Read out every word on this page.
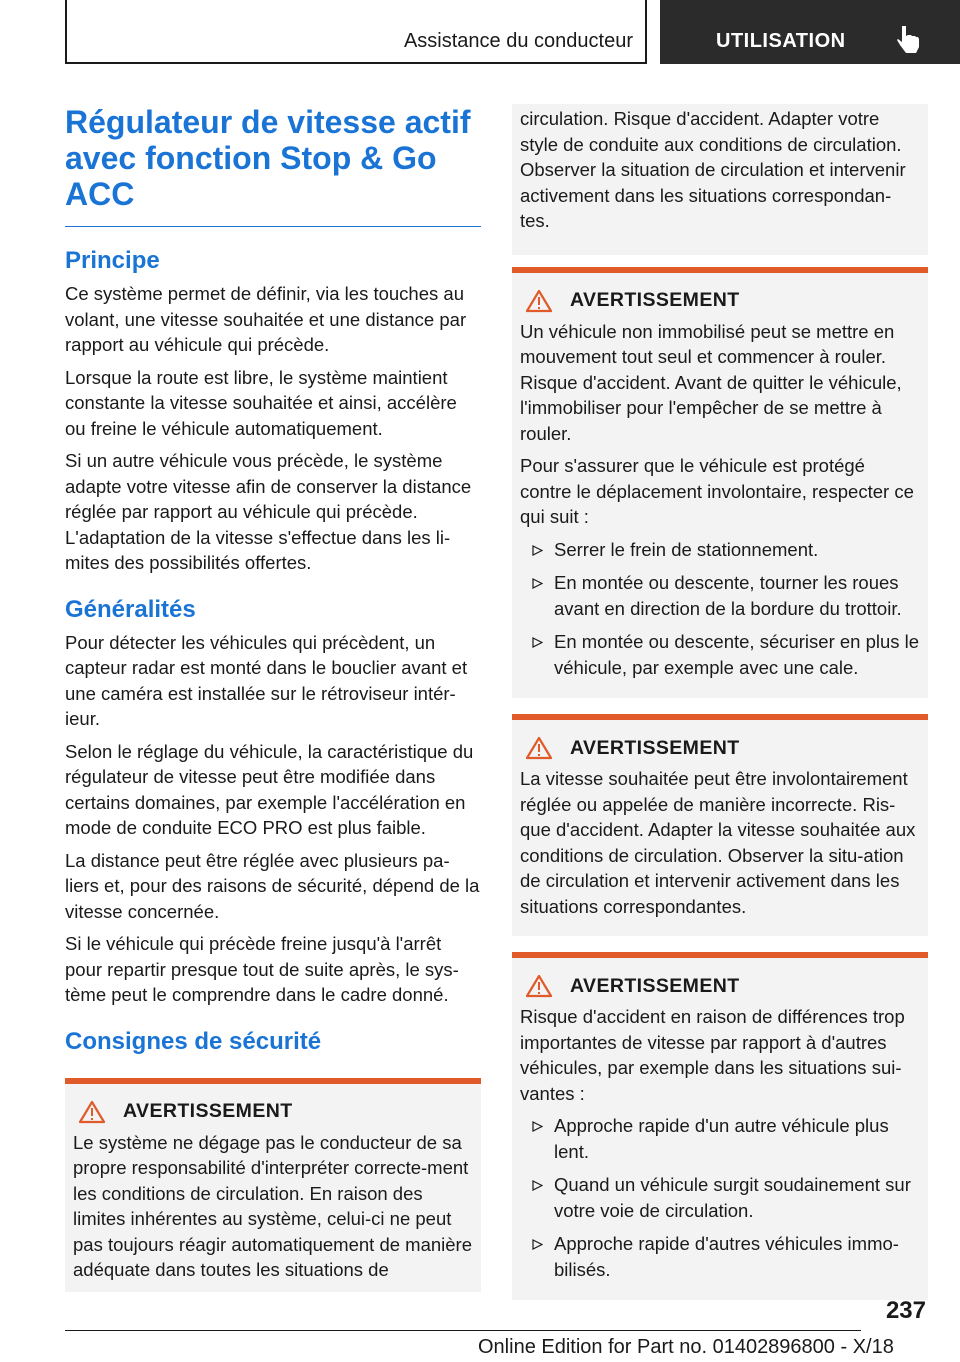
Assistance du conducteur	UTILISATION
Régulateur de vitesse actif avec fonction Stop & Go ACC
Principe

Ce système permet de définir, via les touches au volant, une vitesse souhaitée et une distance par rapport au véhicule qui précède.

Lorsque la route est libre, le système maintient constante la vitesse souhaitée et ainsi, accélère ou freine le véhicule automatiquement.

Si un autre véhicule vous précède, le système adapte votre vitesse afin de conserver la distance réglée par rapport au véhicule qui précède. L'adaptation de la vitesse s'effectue dans les li-mites des possibilités offertes.

Généralités

Pour détecter les véhicules qui précèdent, un capteur radar est monté dans le bouclier avant et une caméra est installée sur le rétroviseur intér-ieur.

Selon le réglage du véhicule, la caractéristique du régulateur de vitesse peut être modifiée dans certains domaines, par exemple l'accélération en mode de conduite ECO PRO est plus faible.

La distance peut être réglée avec plusieurs pa-liers et, pour des raisons de sécurité, dépend de la vitesse concernée.

Si le véhicule qui précède freine jusqu'à l'arrêt pour repartir presque tout de suite après, le sys-tème peut le comprendre dans le cadre donné.

Consignes de sécurité
AVERTISSEMENT

Le système ne dégage pas le conducteur de sa propre responsabilité d'interpréter correcte-ment les conditions de circulation. En raison des limites inhérentes au système, celui-ci ne peut pas toujours réagir automatiquement de manière adéquate dans toutes les situations de

circulation. Risque d'accident. Adapter votre style de conduite aux conditions de circulation. Observer la situation de circulation et intervenir activement dans les situations correspondan-tes.

AVERTISSEMENT

Un véhicule non immobilisé peut se mettre en mouvement tout seul et commencer à rouler. Risque d'accident. Avant de quitter le véhicule, l'immobiliser pour l'empêcher de se mettre à rouler.

Pour s'assurer que le véhicule est protégé contre le déplacement involontaire, respecter ce qui suit :

Serrer le frein de stationnement.
En montée ou descente, tourner les roues avant en direction de la bordure du trottoir.
En montée ou descente, sécuriser en plus le véhicule, par exemple avec une cale.
AVERTISSEMENT

La vitesse souhaitée peut être involontairement réglée ou appelée de manière incorrecte. Ris-que d'accident. Adapter la vitesse souhaitée aux conditions de circulation. Observer la situ-ation de circulation et intervenir activement dans les situations correspondantes.

AVERTISSEMENT

Risque d'accident en raison de différences trop importantes de vitesse par rapport à d'autres véhicules, par exemple dans les situations sui-vantes :

Approche rapide d'un autre véhicule plus lent.
Quand un véhicule surgit soudainement sur votre voie de circulation.
Approche rapide d'autres véhicules immo-bilisés.
237
Online Edition for Part no. 01402896800 - X/18
